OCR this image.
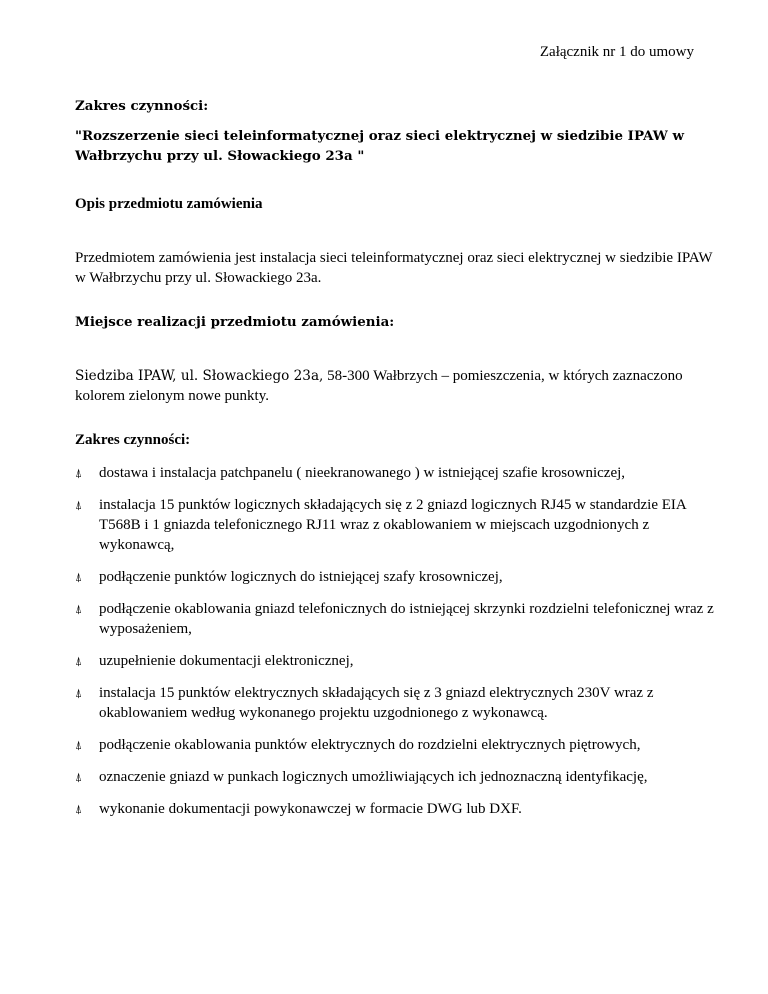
Załącznik nr 1 do umowy
Zakres czynności:
"Rozszerzenie sieci teleinformatycznej oraz sieci elektrycznej w siedzibie IPAW w Wałbrzychu przy ul. Słowackiego 23a "
Opis przedmiotu zamówienia
Przedmiotem zamówienia jest instalacja sieci teleinformatycznej oraz sieci elektrycznej w siedzibie IPAW w Wałbrzychu przy ul. Słowackiego 23a.
Miejsce realizacji przedmiotu zamówienia:
Siedziba IPAW, ul. Słowackiego 23a, 58-300 Wałbrzych – pomieszczenia, w których zaznaczono kolorem zielonym nowe punkty.
Zakres czynności:
⍋ dostawa i instalacja patchpanelu ( nieekranowanego ) w istniejącej szafie krosowniczej,
⍋ instalacja 15 punktów logicznych składających się z 2 gniazd logicznych RJ45 w standardzie EIA T568B i 1 gniazda telefonicznego RJ11 wraz z okablowaniem w miejscach uzgodnionych z wykonawcą,
⍋ podłączenie punktów logicznych do istniejącej szafy krosowniczej,
⍋ podłączenie okablowania gniazd telefonicznych do istniejącej skrzynki rozdzielni telefonicznej wraz z wyposażeniem,
⍋ uzupełnienie dokumentacji elektronicznej,
⍋ instalacja 15 punktów elektrycznych składających się z 3 gniazd elektrycznych 230V wraz z okablowaniem według wykonanego projektu uzgodnionego z wykonawcą.
⍋ podłączenie okablowania punktów elektrycznych do rozdzielni elektrycznych piętrowych,
⍋ oznaczenie gniazd w punkach logicznych umożliwiających ich jednoznaczną identyfikację,
⍋ wykonanie dokumentacji powykonawczej w formacie DWG lub DXF.
